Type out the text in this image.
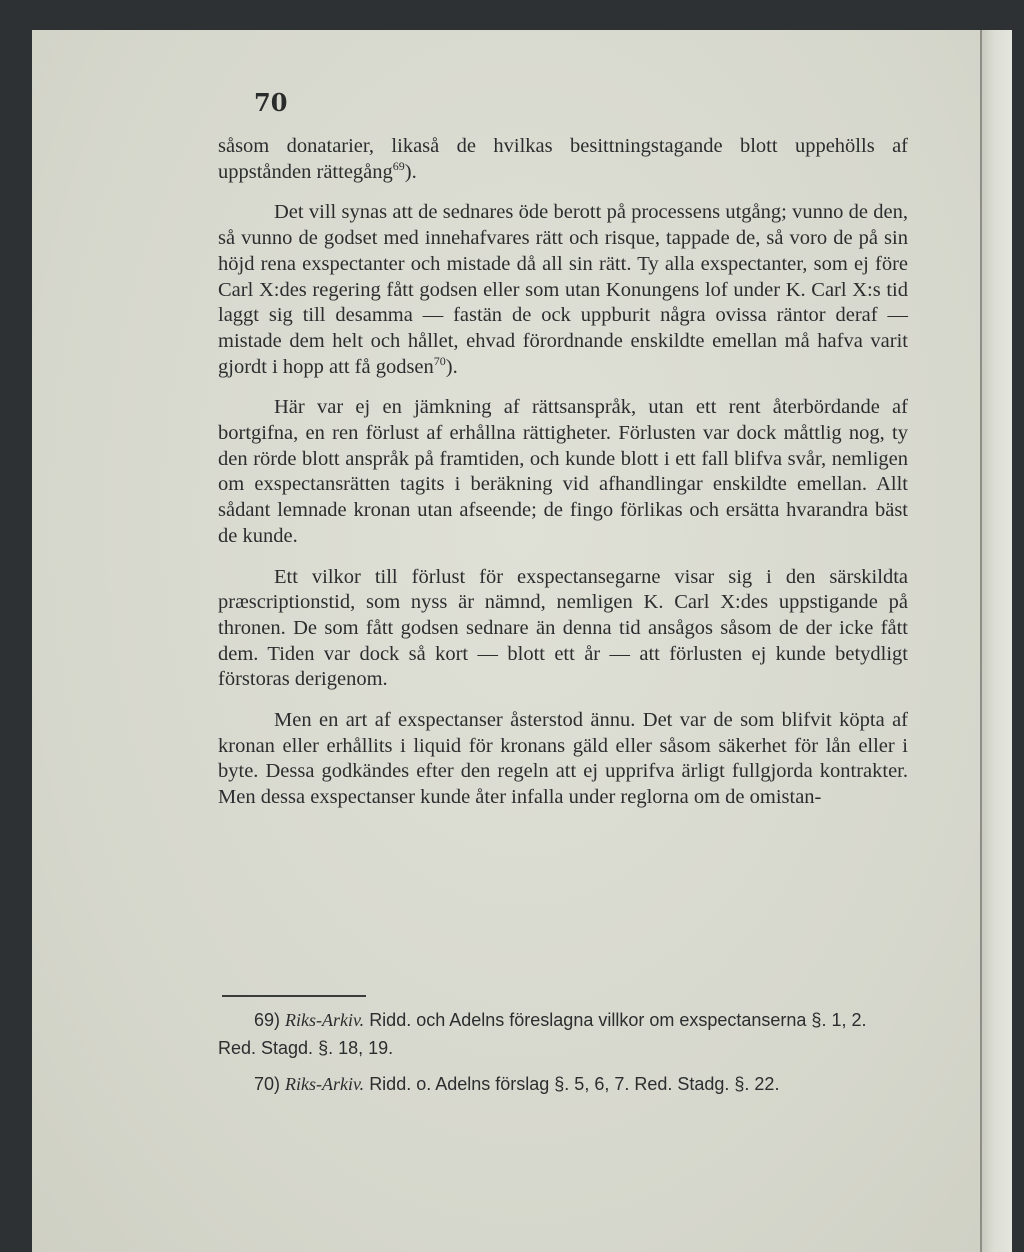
70

såsom donatarier, likaså de hvilkas besittningstagande blott uppehölls af uppstånden rättegång$^{69}$).

Det vill synas att de sednares öde berott på processens utgång; vunno de den, så vunno de godset med innehafvares rätt och risque, tappade de, så voro de på sin höjd rena exspectanter och mistade då all sin rätt. Ty alla exspectanter, som ej före Carl X:des regering fått godsen eller som utan Konungens lof under K. Carl X:s tid laggt sig till desamma — fastän de ock uppburit några ovissa räntor deraf — mistade dem helt och hållet, ehvad förordnande enskildte emellan må hafva varit gjordt i hopp att få godsen$^{70}$).

Här var ej en jämkning af rättsanspråk, utan ett rent återbördande af bortgifna, en ren förlust af erhållna rättigheter. Förlusten var dock måttlig nog, ty den rörde blott anspråk på framtiden, och kunde blott i ett fall blifva svår, nemligen om exspectansrätten tagits i beräkning vid afhandlingar enskildte emellan. Allt sådant lemnade kronan utan afseende; de fingo förlikas och ersätta hvarandra bäst de kunde.

Ett vilkor till förlust för exspectansegarne visar sig i den särskildta præscriptionstid, som nyss är nämnd, nemligen K. Carl X:des uppstigande på thronen. De som fått godsen sednare än denna tid ansågos såsom de der icke fått dem. Tiden var dock så kort — blott ett år — att förlusten ej kunde betydligt förstoras derigenom.

Men en art af exspectanser åsterstod ännu. Det var de som blifvit köpta af kronan eller erhållits i liquid för kronans gäld eller såsom säkerhet för lån eller i byte. Dessa godkändes efter den regeln att ej upprifva ärligt fullgjorda kontrakter. Men dessa exspectanser kunde åter infalla under reglorna om de omistan-

69) Riks-Arkiv. Ridd. och Adelns föreslagna villkor om exspectanserna §. 1, 2. Red. Stagd. §. 18, 19.

70) Riks-Arkiv. Ridd. o. Adelns förslag §. 5, 6, 7. Red. Stadg. §. 22.
